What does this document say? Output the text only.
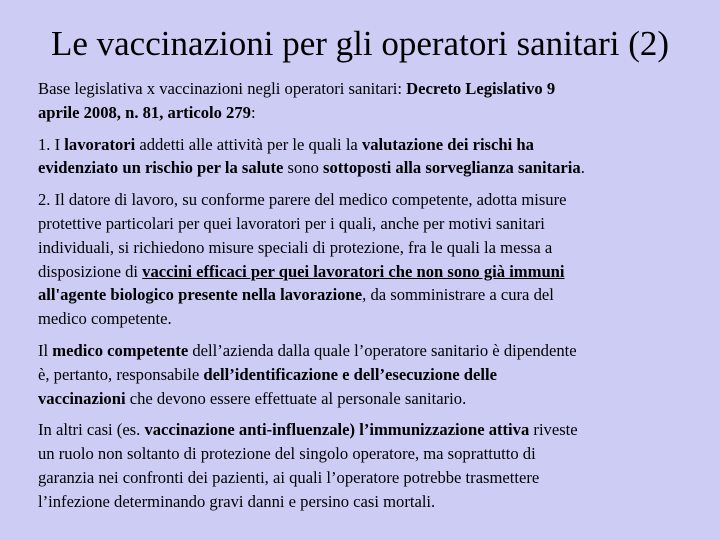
Le vaccinazioni per gli operatori sanitari (2)
Base legislativa x vaccinazioni negli operatori sanitari: Decreto Legislativo 9
aprile 2008, n. 81, articolo 279:
1. I lavoratori addetti alle attività per le quali la valutazione dei rischi ha
evidenziato un rischio per la salute sono sottoposti alla sorveglianza sanitaria.
2. Il datore di lavoro, su conforme parere del medico competente, adotta misure
protettive particolari per quei lavoratori per i quali, anche per motivi sanitari
individuali, si richiedono misure speciali di protezione, fra le quali la messa a
disposizione di vaccini efficaci per quei lavoratori che non sono già immuni
all'agente biologico presente nella lavorazione, da somministrare a cura del
medico competente.
Il medico competente dell’azienda dalla quale l’operatore sanitario è dipendente
è, pertanto, responsabile dell’identificazione e dell’esecuzione delle
vaccinazioni che devono essere effettuate al personale sanitario.
In altri casi (es. vaccinazione anti-influenzale) l’immunizzazione attiva riveste
un ruolo non soltanto di protezione del singolo operatore, ma soprattutto di
garanzia nei confronti dei pazienti, ai quali l’operatore potrebbe trasmettere
l’infezione determinando gravi danni e persino casi mortali.
